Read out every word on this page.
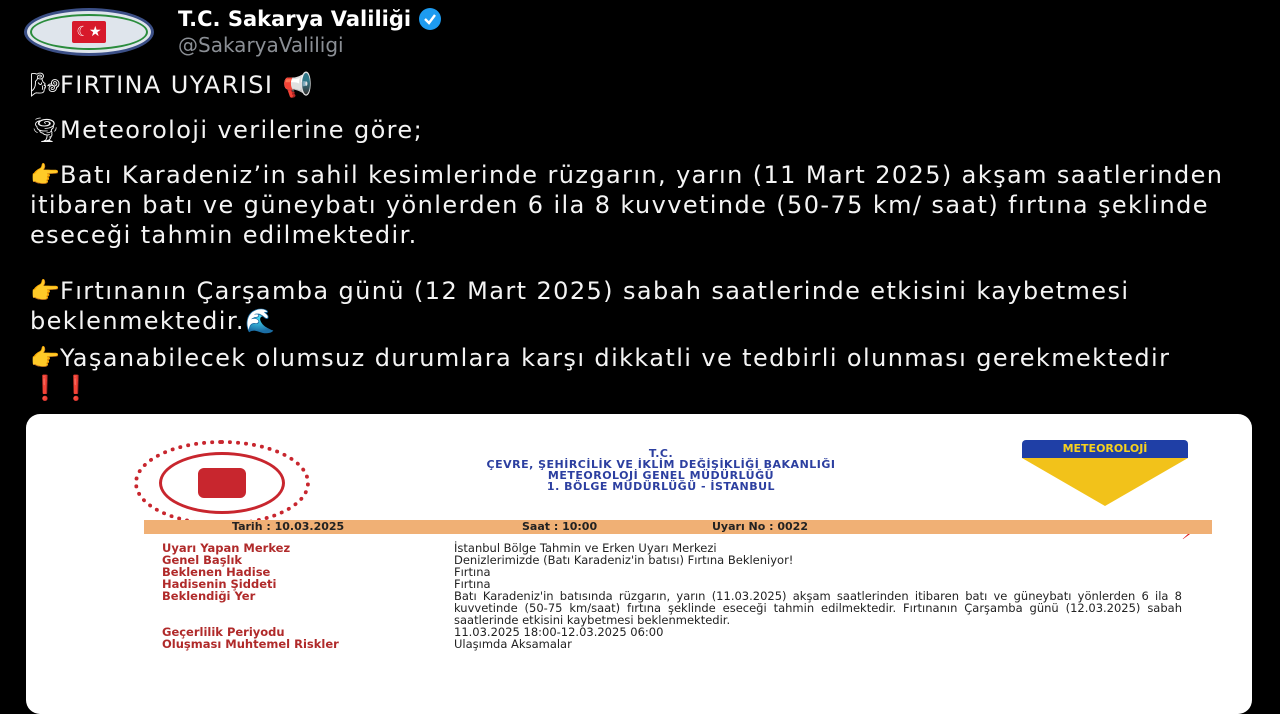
☾★
T.C. Sakarya Valiliği
@SakaryaValiligi
🌬FIRTINA UYARISI 📢
🌪Meteoroloji verilerine göre;
👉Batı Karadeniz’in sahil kesimlerinde rüzgarın, yarın (11 Mart 2025) akşam saatlerinden itibaren batı ve güneybatı yönlerden 6 ila 8 kuvvetinde (50-75 km/ saat) fırtına şeklinde eseceği tahmin edilmektedir.
👉Fırtınanın Çarşamba günü (12 Mart 2025) sabah saatlerinde etkisini kaybetmesi beklenmektedir.🌊
👉Yaşanabilecek olumsuz durumlara karşı dikkatli ve tedbirli olunması gerekmektedir ❗❗
T.C.
ÇEVRE, ŞEHİRCİLİK VE İKLİM DEĞİŞİKLİĞİ BAKANLIĞI
METEOROLOJİ GENEL MÜDÜRLÜĞÜ
1. BÖLGE MÜDÜRLÜĞÜ - İSTANBUL
METEOROLOJİ
Tarih : 10.03.2025	Saat : 10:00	Uyarı No : 0022
Uyarı Yapan Merkez	İstanbul Bölge Tahmin ve Erken Uyarı Merkezi
Genel Başlık	Denizlerimizde (Batı Karadeniz'in batısı) Fırtına Bekleniyor!
Beklenen Hadise	Fırtına
Hadisenin Şiddeti	Fırtına
Beklendiği Yer	Batı Karadeniz'in batısında rüzgarın, yarın (11.03.2025) akşam saatlerinden itibaren batı ve güneybatı yönlerden 6 ila 8 kuvvetinde (50-75 km/saat) fırtına şeklinde eseceği tahmin edilmektedir. Fırtınanın Çarşamba günü (12.03.2025) sabah saatlerinde etkisini kaybetmesi beklenmektedir.
Geçerlilik Periyodu	11.03.2025 18:00-12.03.2025 06:00
Oluşması Muhtemel Riskler	Ulaşımda Aksamalar
